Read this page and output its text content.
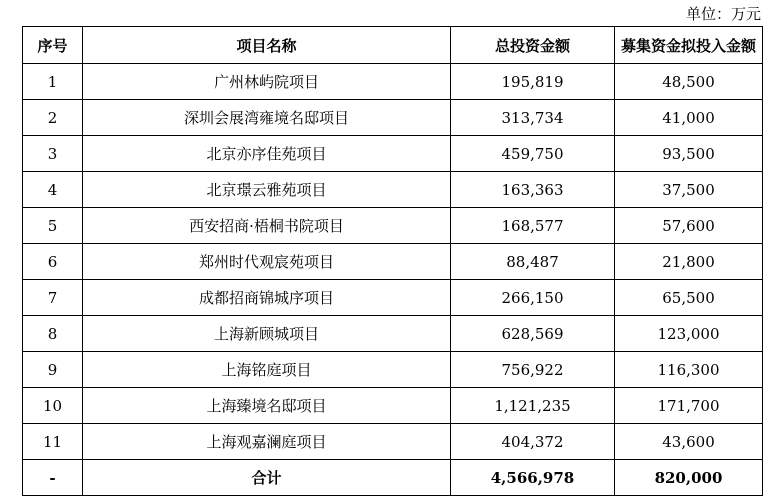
单位：万元
序号	项目名称	总投资金额	募集资金拟投入金额
1	广州林屿院项目	195,819	48,500
2	深圳会展湾雍境名邸项目	313,734	41,000
3	北京亦序佳苑项目	459,750	93,500
4	北京璟云雅苑项目	163,363	37,500
5	西安招商·梧桐书院项目	168,577	57,600
6	郑州时代观宸苑项目	88,487	21,800
7	成都招商锦城序项目	266,150	65,500
8	上海新顾城项目	628,569	123,000
9	上海铭庭项目	756,922	116,300
10	上海臻境名邸项目	1,121,235	171,700
11	上海观嘉澜庭项目	404,372	43,600
-	合计	4,566,978	820,000
